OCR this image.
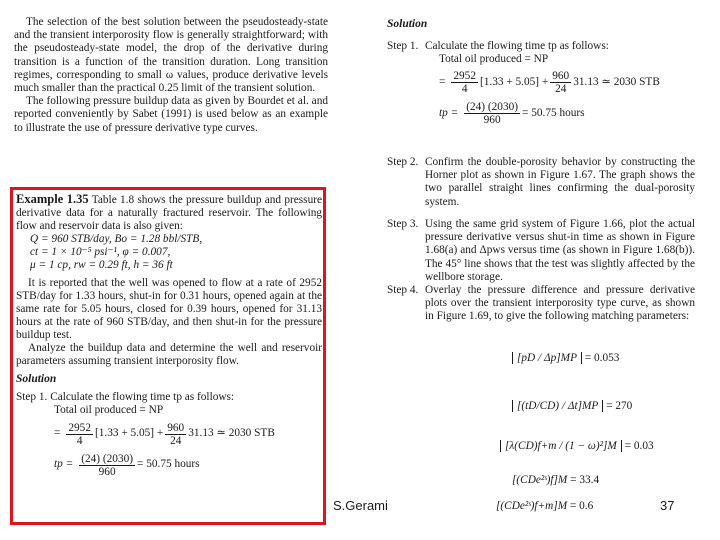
The selection of the best solution between the pseudosteady-state and the transient interporosity flow is generally straightforward; with the pseudosteady-state model, the drop of the derivative during transition is a function of the transition duration. Long transition regimes, corresponding to small ω values, produce derivative levels much smaller than the practical 0.25 limit of the transient solution.

The following pressure buildup data as given by Bourdet et al. and reported conveniently by Sabet (1991) is used below as an example to illustrate the use of pressure derivative type curves.

Example 1.35 Table 1.8 shows the pressure buildup and pressure derivative data for a naturally fractured reservoir. The following flow and reservoir data is also given:

Q = 960 STB/day, Bo = 1.28 bbl/STB,

ct = 1 × 10⁻⁵ psi⁻¹, φ = 0.007,

μ = 1 cp, rw = 0.29 ft, h = 36 ft

It is reported that the well was opened to flow at a rate of 2952 STB/day for 1.33 hours, shut-in for 0.31 hours, opened again at the same rate for 5.05 hours, closed for 0.39 hours, opened for 31.13 hours at the rate of 960 STB/day, and then shut-in for the pressure buildup test.

Analyze the buildup data and determine the well and reservoir parameters assuming transient interporosity flow.

Solution

Step 1. Calculate the flowing time tp as follows:

Total oil produced = NP

= $\frac{2952}{4} [1.33 + 5.05] + \frac{960}{24} 31.13$ ≃ 2030 STB
tp = $\frac{(24) (2030)}{960} = 50.75$ hours
Solution
Step 1. Calculate the flowing time tp as follows:
Total oil produced = NP
= $\frac{2952}{4} [1.33 + 5.05] + \frac{960}{24} 31.13$ ≃ 2030 STB
tp = $\frac{(24) (2030)}{960} = 50.75$ hours
Step 2. Confirm the double-porosity behavior by constructing the Horner plot as shown in Figure 1.67. The graph shows the two parallel straight lines confirming the dual-porosity system.
Step 3. Using the same grid system of Figure 1.66, plot the actual pressure derivative versus shut-in time as shown in Figure 1.68(a) and Δpws versus time (as shown in Figure 1.68(b)). The 45° line shows that the test was slightly affected by the wellbore storage.
Step 4. Overlay the pressure difference and pressure derivative plots over the transient interporosity type curve, as shown in Figure 1.69, to give the following matching parameters:
[pD / Δp]MP = 0.053
[(tD/CD) / Δt]MP = 270
[λ(CD)f+m / (1 − ω)²]M = 0.03
[(CDe²ˢ)f]M = 33.4
[(CDe²ˢ)f+m]M = 0.6
S.Gerami	37
